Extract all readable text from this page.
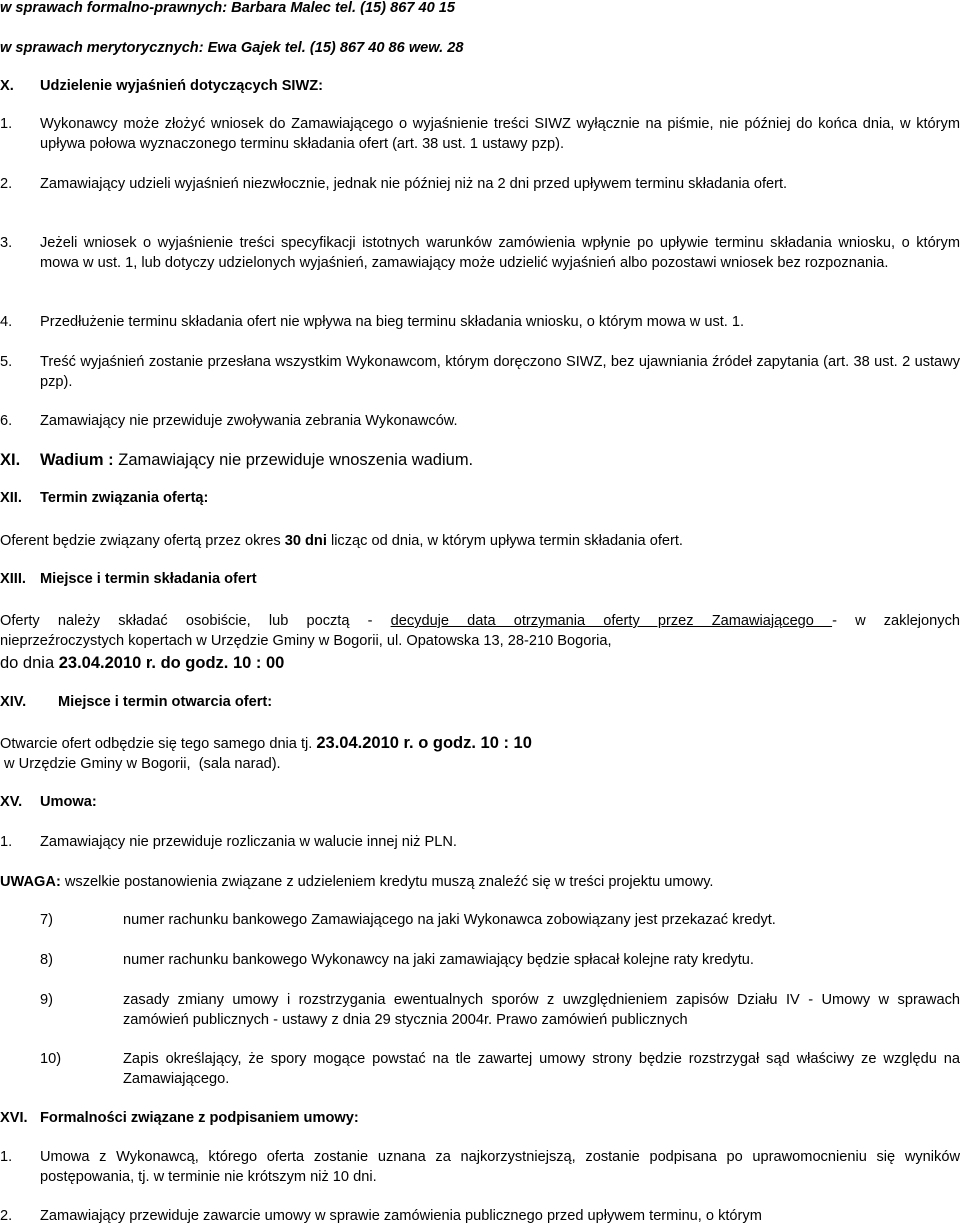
w sprawach formalno-prawnych: Barbara Malec tel. (15) 867 40 15
w sprawach merytorycznych: Ewa Gajek tel. (15) 867 40 86 wew. 28
X.	Udzielenie wyjaśnień dotyczących SIWZ:
1.	Wykonawcy może złożyć wniosek do Zamawiającego o wyjaśnienie treści SIWZ wyłącznie na piśmie, nie później do końca dnia, w którym upływa połowa wyznaczonego terminu składania ofert (art. 38 ust. 1 ustawy pzp).
2.	Zamawiający udzieli wyjaśnień niezwłocznie, jednak nie później niż na 2 dni przed upływem terminu składania ofert.
3.	Jeżeli wniosek o wyjaśnienie treści specyfikacji istotnych warunków zamówienia wpłynie po upływie terminu składania wniosku, o którym mowa w ust. 1, lub dotyczy udzielonych wyjaśnień, zamawiający może udzielić wyjaśnień albo pozostawi wniosek bez rozpoznania.
4.	Przedłużenie terminu składania ofert nie wpływa na bieg terminu składania wniosku, o którym mowa w ust. 1.
5.	Treść wyjaśnień zostanie przesłana wszystkim Wykonawcom, którym doręczono SIWZ, bez ujawniania źródeł zapytania (art. 38 ust. 2 ustawy pzp).
6.	Zamawiający nie przewiduje zwoływania zebrania Wykonawców.
XI.	Wadium : Zamawiający nie przewiduje wnoszenia wadium.
XII.	Termin związania ofertą:
Oferent będzie związany ofertą przez okres 30 dni licząc od dnia, w którym upływa termin składania ofert.
XIII. Miejsce i termin składania ofert
Oferty należy składać osobiście, lub pocztą - decyduje data otrzymania oferty przez Zamawiającego - w zaklejonych
nieprzeźroczystych kopertach w Urzędzie Gminy w Bogorii, ul. Opatowska 13, 28-210 Bogoria,
do dnia 23.04.2010 r. do godz. 10 : 00
XIV.	Miejsce i termin otwarcia ofert:
Otwarcie ofert odbędzie się tego samego dnia tj. 23.04.2010 r. o godz. 10 : 10
w Urzędzie Gminy w Bogorii,  (sala narad).
XV.	Umowa:
1.	Zamawiający nie przewiduje rozliczania w walucie innej niż PLN.
UWAGA: wszelkie postanowienia związane z udzieleniem kredytu muszą znaleźć się w treści projektu umowy.
7)	numer rachunku bankowego Zamawiającego na jaki Wykonawca zobowiązany jest przekazać kredyt.
8)	numer rachunku bankowego Wykonawcy na jaki zamawiający będzie spłacał kolejne raty kredytu.
9)	zasady zmiany umowy i rozstrzygania ewentualnych sporów z uwzględnieniem zapisów Działu IV - Umowy w sprawach zamówień publicznych - ustawy z dnia 29 stycznia 2004r. Prawo zamówień publicznych
10)	Zapis określający, że spory mogące powstać na tle zawartej umowy strony będzie rozstrzygał sąd właściwy ze względu na Zamawiającego.
XVI. Formalności związane z podpisaniem umowy:
1.	Umowa z Wykonawcą, którego oferta zostanie uznana za najkorzystniejszą, zostanie podpisana po uprawomocnieniu się wyników postępowania, tj. w terminie nie krótszym niż 10 dni.
2.	Zamawiający przewiduje zawarcie umowy w sprawie zamówienia publicznego przed upływem terminu, o którym
